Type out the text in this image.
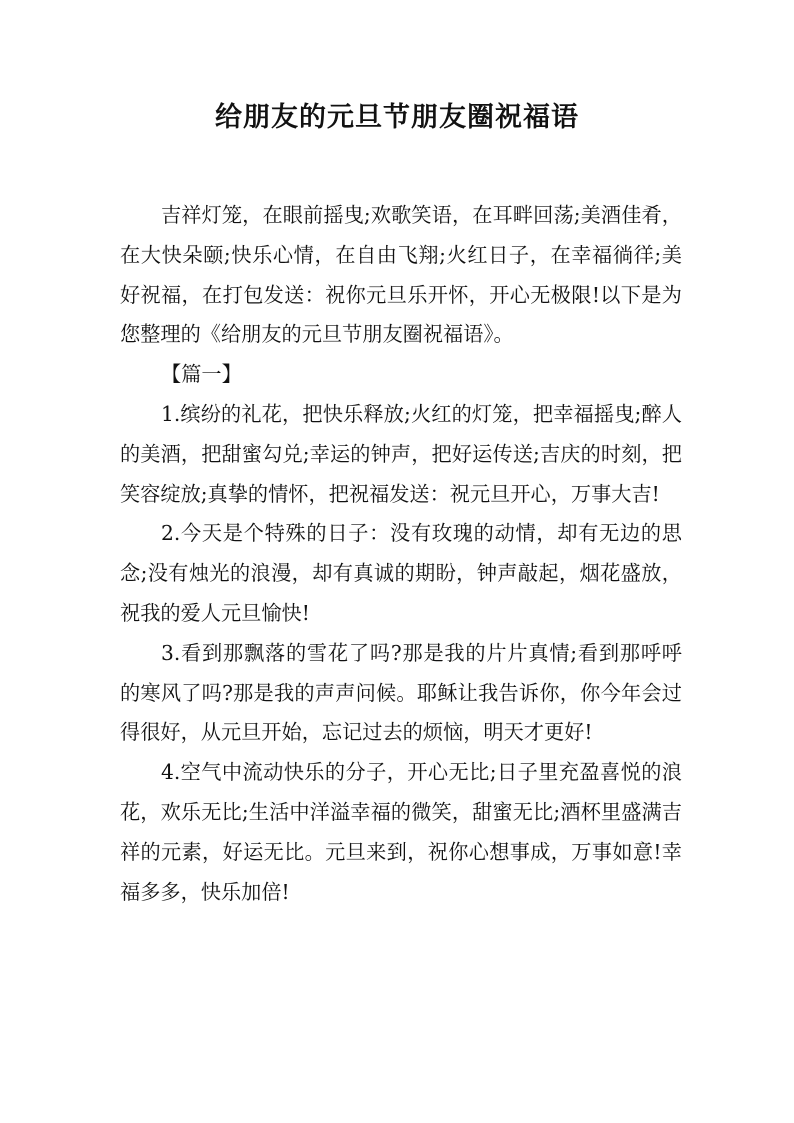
给朋友的元旦节朋友圈祝福语

吉祥灯笼，在眼前摇曳;欢歌笑语，在耳畔回荡;美酒佳肴，在大快朵颐;快乐心情，在自由飞翔;火红日子，在幸福徜徉;美好祝福，在打包发送：祝你元旦乐开怀，开心无极限!以下是为您整理的《给朋友的元旦节朋友圈祝福语》。

【篇一】

1.缤纷的礼花，把快乐释放;火红的灯笼，把幸福摇曳;醉人的美酒，把甜蜜勾兑;幸运的钟声，把好运传送;吉庆的时刻，把笑容绽放;真挚的情怀，把祝福发送：祝元旦开心，万事大吉!

2.今天是个特殊的日子：没有玫瑰的动情，却有无边的思念;没有烛光的浪漫，却有真诚的期盼，钟声敲起，烟花盛放，祝我的爱人元旦愉快!

3.看到那飘落的雪花了吗?那是我的片片真情;看到那呼呼的寒风了吗?那是我的声声问候。耶稣让我告诉你，你今年会过得很好，从元旦开始，忘记过去的烦恼，明天才更好!

4.空气中流动快乐的分子，开心无比;日子里充盈喜悦的浪花，欢乐无比;生活中洋溢幸福的微笑，甜蜜无比;酒杯里盛满吉祥的元素，好运无比。元旦来到，祝你心想事成，万事如意!幸福多多，快乐加倍!
